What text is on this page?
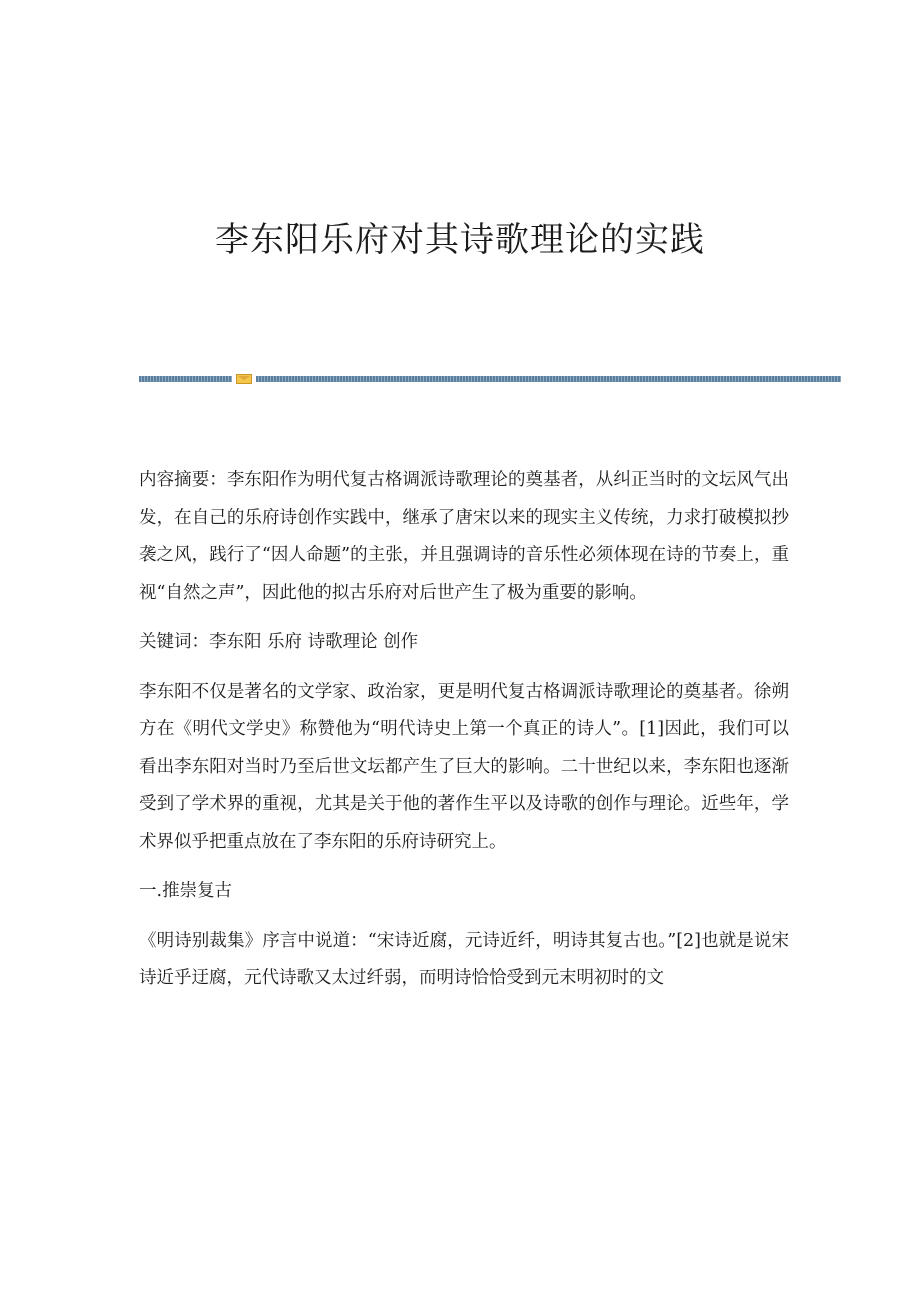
李东阳乐府对其诗歌理论的实践

内容摘要：李东阳作为明代复古格调派诗歌理论的奠基者，从纠正当时的文坛风气出发，在自己的乐府诗创作实践中，继承了唐宋以来的现实主义传统，力求打破模拟抄袭之风，践行了“因人命题”的主张，并且强调诗的音乐性必须体现在诗的节奏上，重视“自然之声”，因此他的拟古乐府对后世产生了极为重要的影响。

关键词：李东阳 乐府 诗歌理论 创作

李东阳不仅是著名的文学家、政治家，更是明代复古格调派诗歌理论的奠基者。徐朔方在《明代文学史》称赞他为“明代诗史上第一个真正的诗人”。[1]因此，我们可以看出李东阳对当时乃至后世文坛都产生了巨大的影响。二十世纪以来，李东阳也逐渐受到了学术界的重视，尤其是关于他的著作生平以及诗歌的创作与理论。近些年，学术界似乎把重点放在了李东阳的乐府诗研究上。

一.推崇复古

《明诗别裁集》序言中说道：“宋诗近腐，元诗近纤，明诗其复古也。”[2]也就是说宋诗近乎迂腐，元代诗歌又太过纤弱，而明诗恰恰受到元末明初时的文
